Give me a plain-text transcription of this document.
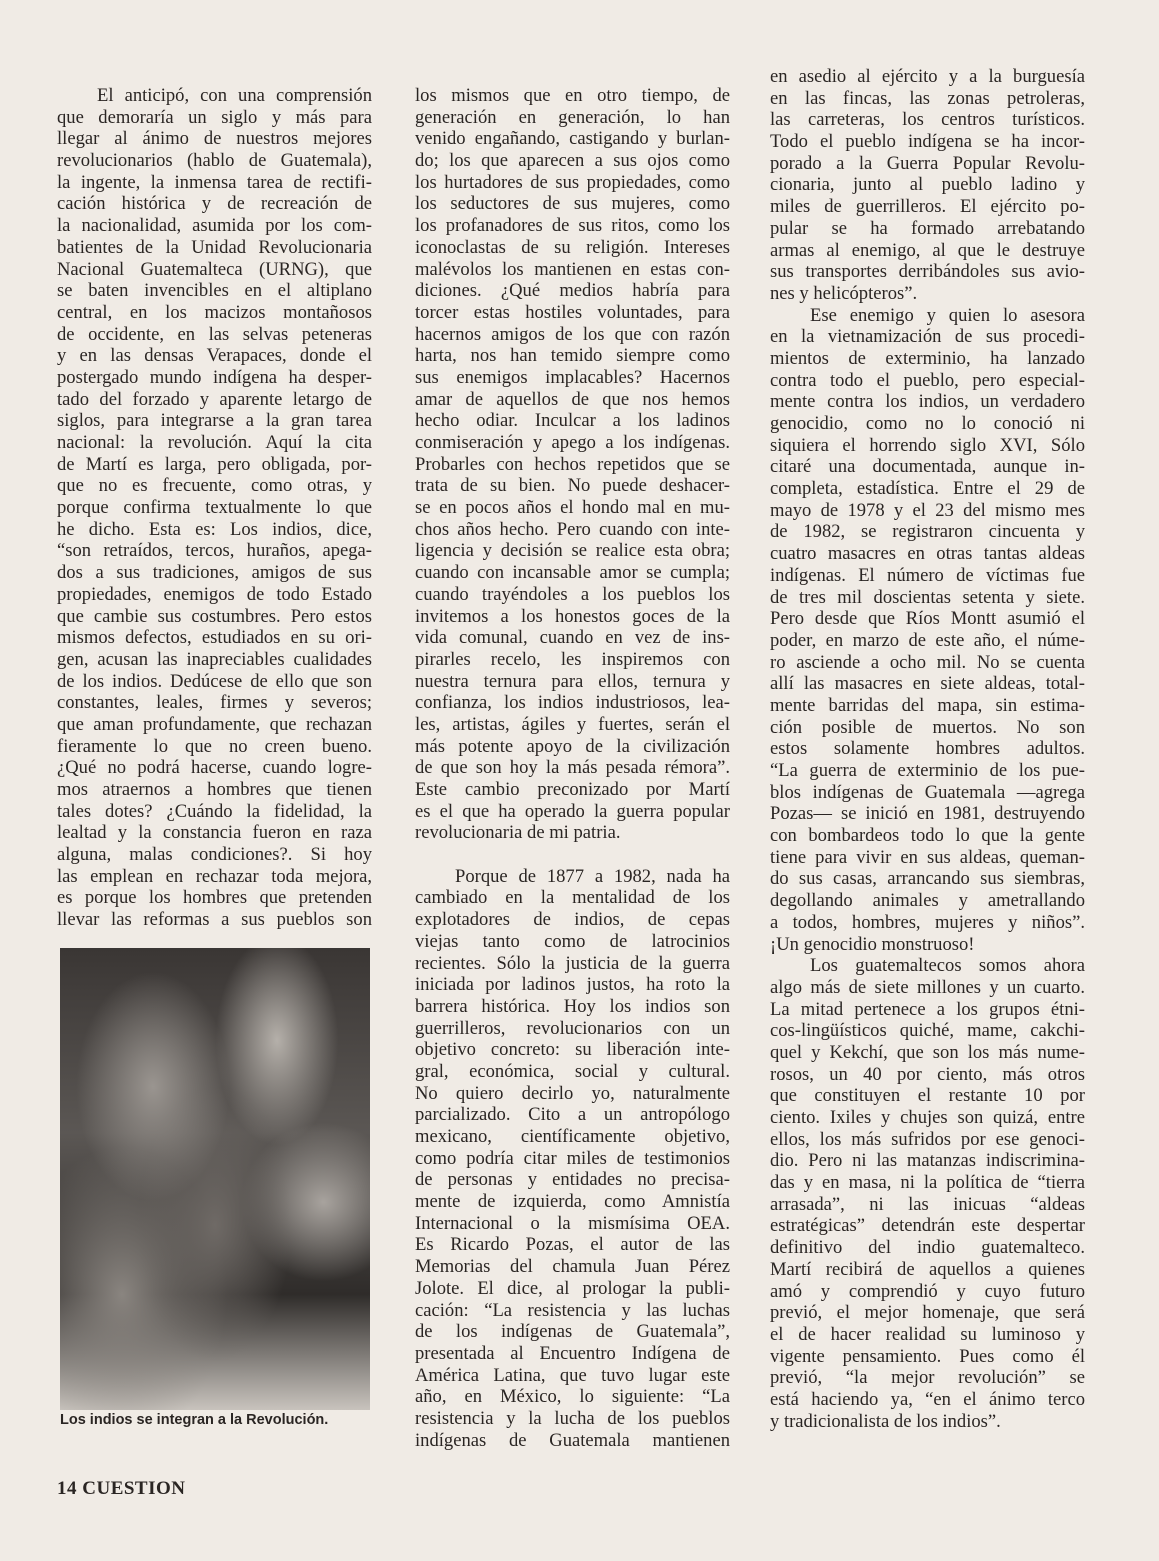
El anticipó, con una comprensión
que demoraría un siglo y más para
llegar al ánimo de nuestros mejores
revolucionarios (hablo de Guatemala),
la ingente, la inmensa tarea de rectifi-
cación histórica y de recreación de
la nacionalidad, asumida por los com-
batientes de la Unidad Revolucionaria
Nacional Guatemalteca (URNG), que
se baten invencibles en el altiplano
central, en los macizos montañosos
de occidente, en las selvas peteneras
y en las densas Verapaces, donde el
postergado mundo indígena ha desper-
tado del forzado y aparente letargo de
siglos, para integrarse a la gran tarea
nacional: la revolución. Aquí la cita
de Martí es larga, pero obligada, por-
que no es frecuente, como otras, y
porque confirma textualmente lo que
he dicho. Esta es: Los indios, dice,
“son retraídos, tercos, huraños, apega-
dos a sus tradiciones, amigos de sus
propiedades, enemigos de todo Estado
que cambie sus costumbres. Pero estos
mismos defectos, estudiados en su ori-
gen, acusan las inapreciables cualidades
de los indios. Dedúcese de ello que son
constantes, leales, firmes y severos;
que aman profundamente, que rechazan
fieramente lo que no creen bueno.
¿Qué no podrá hacerse, cuando logre-
mos atraernos a hombres que tienen
tales dotes? ¿Cuándo la fidelidad, la
lealtad y la constancia fueron en raza
alguna, malas condiciones?. Si hoy
las emplean en rechazar toda mejora,
es porque los hombres que pretenden
llevar las reformas a sus pueblos son
los mismos que en otro tiempo, de
generación en generación, lo han
venido engañando, castigando y burlan-
do; los que aparecen a sus ojos como
los hurtadores de sus propiedades, como
los seductores de sus mujeres, como
los profanadores de sus ritos, como los
iconoclastas de su religión. Intereses
malévolos los mantienen en estas con-
diciones. ¿Qué medios habría para
torcer estas hostiles voluntades, para
hacernos amigos de los que con razón
harta, nos han temido siempre como
sus enemigos implacables? Hacernos
amar de aquellos de que nos hemos
hecho odiar. Inculcar a los ladinos
conmiseración y apego a los indígenas.
Probarles con hechos repetidos que se
trata de su bien. No puede deshacer-
se en pocos años el hondo mal en mu-
chos años hecho. Pero cuando con inte-
ligencia y decisión se realice esta obra;
cuando con incansable amor se cumpla;
cuando trayéndoles a los pueblos los
invitemos a los honestos goces de la
vida comunal, cuando en vez de ins-
pirarles recelo, les inspiremos con
nuestra ternura para ellos, ternura y
confianza, los indios industriosos, lea-
les, artistas, ágiles y fuertes, serán el
más potente apoyo de la civilización
de que son hoy la más pesada rémora”.
Este cambio preconizado por Martí
es el que ha operado la guerra popular
revolucionaria de mi patria.
Porque de 1877 a 1982, nada ha
cambiado en la mentalidad de los
explotadores de indios, de cepas
viejas tanto como de latrocinios
recientes. Sólo la justicia de la guerra
iniciada por ladinos justos, ha roto la
barrera histórica. Hoy los indios son
guerrilleros, revolucionarios con un
objetivo concreto: su liberación inte-
gral, económica, social y cultural.
No quiero decirlo yo, naturalmente
parcializado. Cito a un antropólogo
mexicano, científicamente objetivo,
como podría citar miles de testimonios
de personas y entidades no precisa-
mente de izquierda, como Amnistía
Internacional o la mismísima OEA.
Es Ricardo Pozas, el autor de las
Memorias del chamula Juan Pérez
Jolote. El dice, al prologar la publi-
cación: “La resistencia y las luchas
de los indígenas de Guatemala”,
presentada al Encuentro Indígena de
América Latina, que tuvo lugar este
año, en México, lo siguiente: “La
resistencia y la lucha de los pueblos
indígenas de Guatemala mantienen
en asedio al ejército y a la burguesía
en las fincas, las zonas petroleras,
las carreteras, los centros turísticos.
Todo el pueblo indígena se ha incor-
porado a la Guerra Popular Revolu-
cionaria, junto al pueblo ladino y
miles de guerrilleros. El ejército po-
pular se ha formado arrebatando
armas al enemigo, al que le destruye
sus transportes derribándoles sus avio-
nes y helicópteros”.
Ese enemigo y quien lo asesora
en la vietnamización de sus procedi-
mientos de exterminio, ha lanzado
contra todo el pueblo, pero especial-
mente contra los indios, un verdadero
genocidio, como no lo conoció ni
siquiera el horrendo siglo XVI, Sólo
citaré una documentada, aunque in-
completa, estadística. Entre el 29 de
mayo de 1978 y el 23 del mismo mes
de 1982, se registraron cincuenta y
cuatro masacres en otras tantas aldeas
indígenas. El número de víctimas fue
de tres mil doscientas setenta y siete.
Pero desde que Ríos Montt asumió el
poder, en marzo de este año, el núme-
ro asciende a ocho mil. No se cuenta
allí las masacres en siete aldeas, total-
mente barridas del mapa, sin estima-
ción posible de muertos. No son
estos solamente hombres adultos.
“La guerra de exterminio de los pue-
blos indígenas de Guatemala —agrega
Pozas— se inició en 1981, destruyendo
con bombardeos todo lo que la gente
tiene para vivir en sus aldeas, queman-
do sus casas, arrancando sus siembras,
degollando animales y ametrallando
a todos, hombres, mujeres y niños”.
¡Un genocidio monstruoso!
Los guatemaltecos somos ahora
algo más de siete millones y un cuarto.
La mitad pertenece a los grupos étni-
cos-lingüísticos quiché, mame, cakchi-
quel y Kekchí, que son los más nume-
rosos, un 40 por ciento, más otros
que constituyen el restante 10 por
ciento. Ixiles y chujes son quizá, entre
ellos, los más sufridos por ese genoci-
dio. Pero ni las matanzas indiscrimina-
das y en masa, ni la política de “tierra
arrasada”, ni las inicuas “aldeas
estratégicas” detendrán este despertar
definitivo del indio guatemalteco.
Martí recibirá de aquellos a quienes
amó y comprendió y cuyo futuro
previó, el mejor homenaje, que será
el de hacer realidad su luminoso y
vigente pensamiento. Pues como él
previó, “la mejor revolución” se
está haciendo ya, “en el ánimo terco
y tradicionalista de los indios”.
Los indios se integran a la Revolución.
14 CUESTION
